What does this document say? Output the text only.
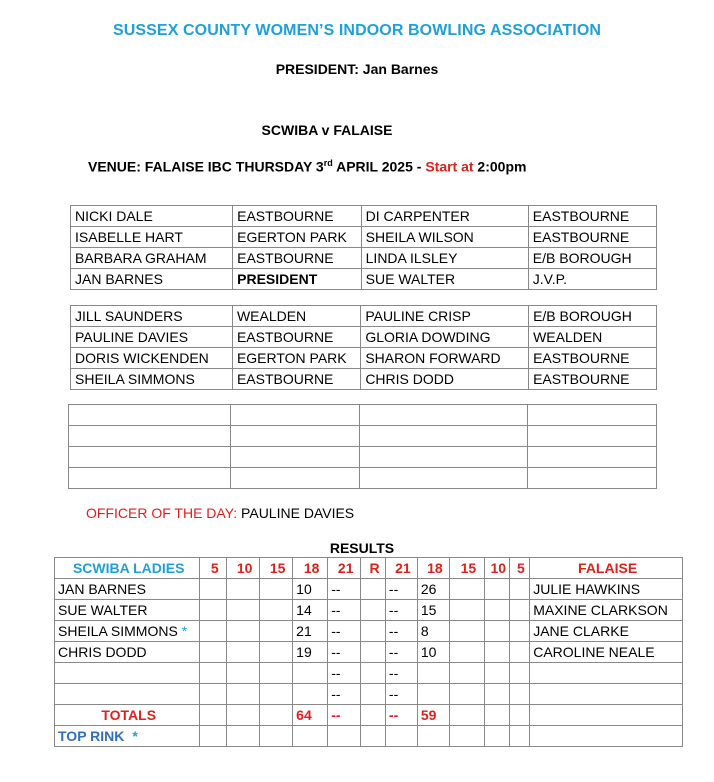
SUSSEX COUNTY WOMEN’S INDOOR BOWLING ASSOCIATION
PRESIDENT: Jan Barnes
SCWIBA v FALAISE
VENUE: FALAISE IBC THURSDAY 3rd APRIL 2025 - Start at 2:00pm
NICKI DALE	EASTBOURNE	DI CARPENTER	EASTBOURNE
ISABELLE HART	EGERTON PARK	SHEILA WILSON	EASTBOURNE
BARBARA GRAHAM	EASTBOURNE	LINDA ILSLEY	E/B BOROUGH
JAN BARNES	PRESIDENT	SUE WALTER	J.V.P.
JILL SAUNDERS	WEALDEN	PAULINE CRISP	E/B BOROUGH
PAULINE DAVIES	EASTBOURNE	GLORIA DOWDING	WEALDEN
DORIS WICKENDEN	EGERTON PARK	SHARON FORWARD	EASTBOURNE
SHEILA SIMMONS	EASTBOURNE	CHRIS DODD	EASTBOURNE

OFFICER OF THE DAY: PAULINE DAVIES
RESULTS
SCWIBA LADIES	5	10	15	18	21	R	21	18	15	10	5	FALAISE
JAN BARNES				10	--		--	26				JULIE HAWKINS
SUE WALTER				14	--		--	15				MAXINE CLARKSON
SHEILA SIMMONS *				21	--		--	8				JANE CLARKE
CHRIS DODD				19	--		--	10				CAROLINE NEALE
					--		--					
					--		--					
TOTALS				64	--		--	59				
TOP RINK *												
